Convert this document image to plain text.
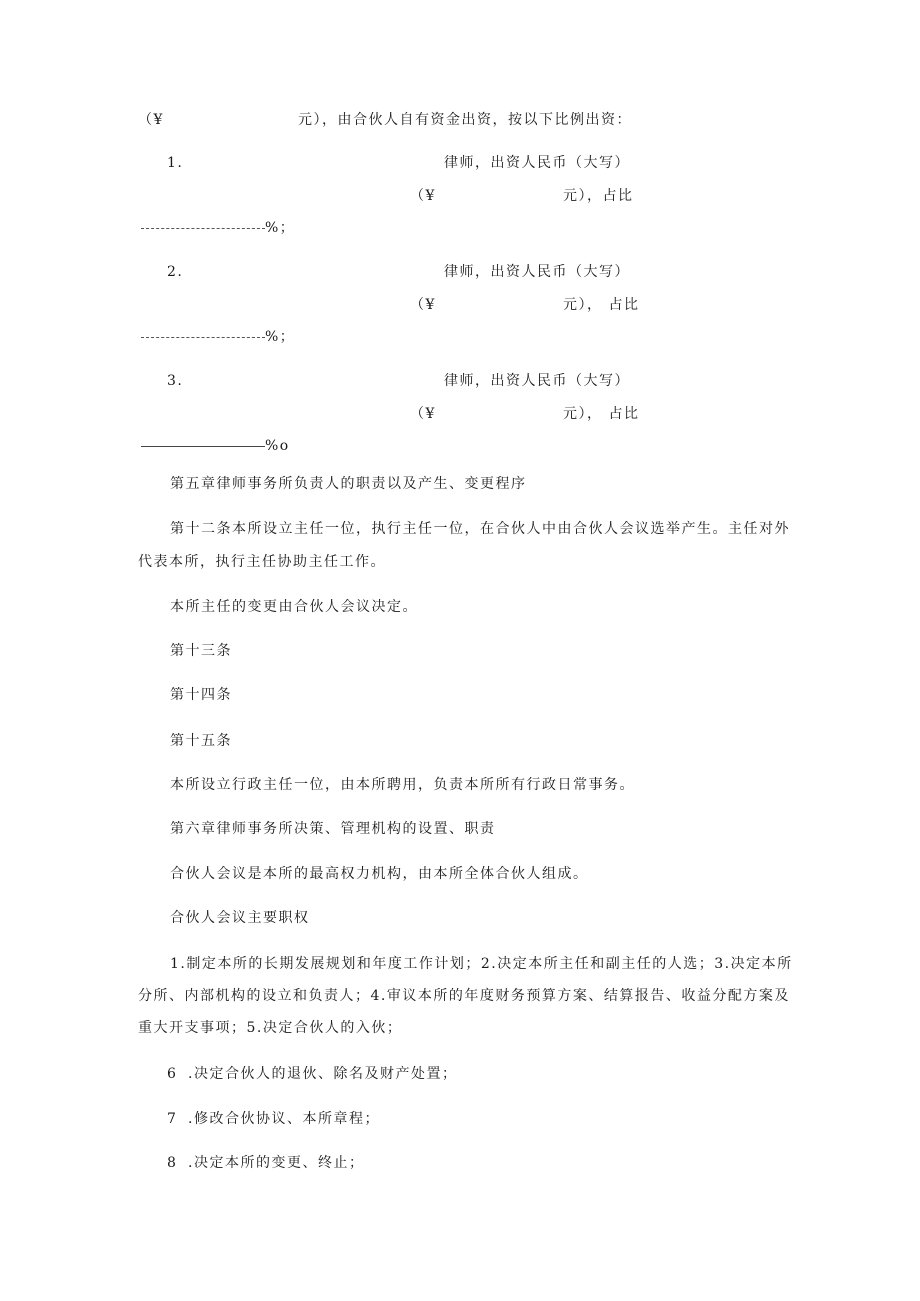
（¥	元），由合伙人自有资金出资，按以下比例出资：
1.	律师，出资人民币（大写）
（¥	元），占比
%；
2.	律师，出资人民币（大写）
（¥	元）， 占比
%；
3.	律师，出资人民币（大写）
（¥	元）， 占比
%o
第五章律师事务所负责人的职责以及产生、变更程序
第十二条本所设立主任一位，执行主任一位，在合伙人中由合伙人会议选举产生。主任对外
代表本所，执行主任协助主任工作。
本所主任的变更由合伙人会议决定。
第十三条
第十四条
第十五条
本所设立行政主任一位，由本所聘用，负责本所所有行政日常事务。
第六章律师事务所决策、管理机构的设置、职责
合伙人会议是本所的最高权力机构，由本所全体合伙人组成。
合伙人会议主要职权
1.制定本所的长期发展规划和年度工作计划；2.决定本所主任和副主任的人选；3.决定本所
分所、内部机构的设立和负责人；4.审议本所的年度财务预算方案、结算报告、收益分配方案及
重大开支事项；5.决定合伙人的入伙；
6 .决定合伙人的退伙、除名及财产处置；
7 .修改合伙协议、本所章程；
8 .决定本所的变更、终止；
